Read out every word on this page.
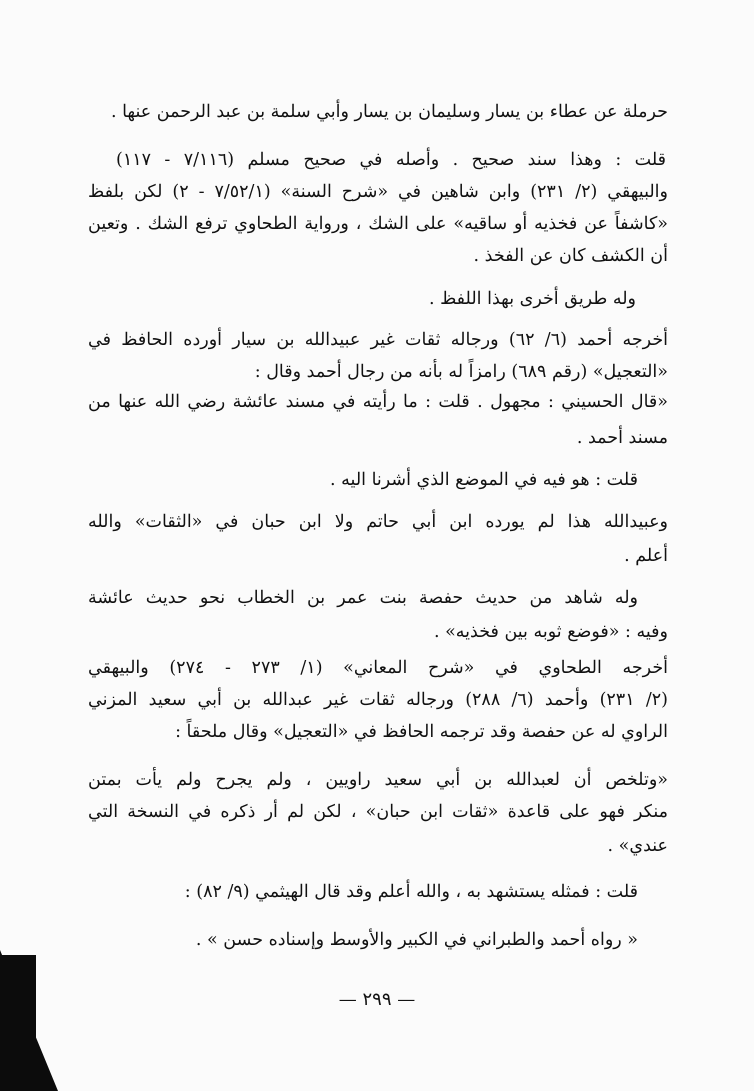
حرملة عن عطاء بن يسار وسليمان بن يسار وأبي سلمة بن عبد الرحمن عنها .
قلت : وهذا سند صحيح . وأصله في صحيح مسلم (٧/١١٦ - ١١٧)
والبيهقي (٢/ ٢٣١) وابن شاهين في «شرح السنة» (٧/٥٢/١ - ٢) لكن بلفظ
«كاشفاً عن فخذيه أو ساقيه» على الشك ، ورواية الطحاوي ترفع الشك . وتعين
أن الكشف كان عن الفخذ .
وله طريق أخرى بهذا اللفظ .
أخرجه أحمد (٦/ ٦٢) ورجاله ثقات غير عبيدالله بن سيار أورده الحافظ في
«التعجيل» (رقم ٦٨٩) رامزاً له بأنه من رجال أحمد وقال :
«قال الحسيني : مجهول . قلت : ما رأيته في مسند عائشة رضي الله عنها من
مسند أحمد .
قلت : هو فيه في الموضع الذي أشرنا اليه .
وعبيدالله هذا لم يورده ابن أبي حاتم ولا ابن حبان في «الثقات» والله
أعلم .
وله شاهد من حديث حفصة بنت عمر بن الخطاب نحو حديث عائشة
وفيه : «فوضع ثوبه بين فخذيه» .
أخرجه الطحاوي في «شرح المعاني» (١/ ٢٧٣ - ٢٧٤) والبيهقي
(٢/ ٢٣١) وأحمد (٦/ ٢٨٨) ورجاله ثقات غير عبدالله بن أبي سعيد المزني
الراوي له عن حفصة وقد ترجمه الحافظ في «التعجيل» وقال ملحقاً :
«وتلخص أن لعبدالله بن أبي سعيد راويين ، ولم يجرح ولم يأت بمتن
منكر فهو على قاعدة «ثقات ابن حبان» ، لكن لم أر ذكره في النسخة التي
عندي» .
قلت : فمثله يستشهد به ، والله أعلم وقد قال الهيثمي (٩/ ٨٢) :
« رواه أحمد والطبراني في الكبير والأوسط وإسناده حسن » .
— ٢٩٩ —
